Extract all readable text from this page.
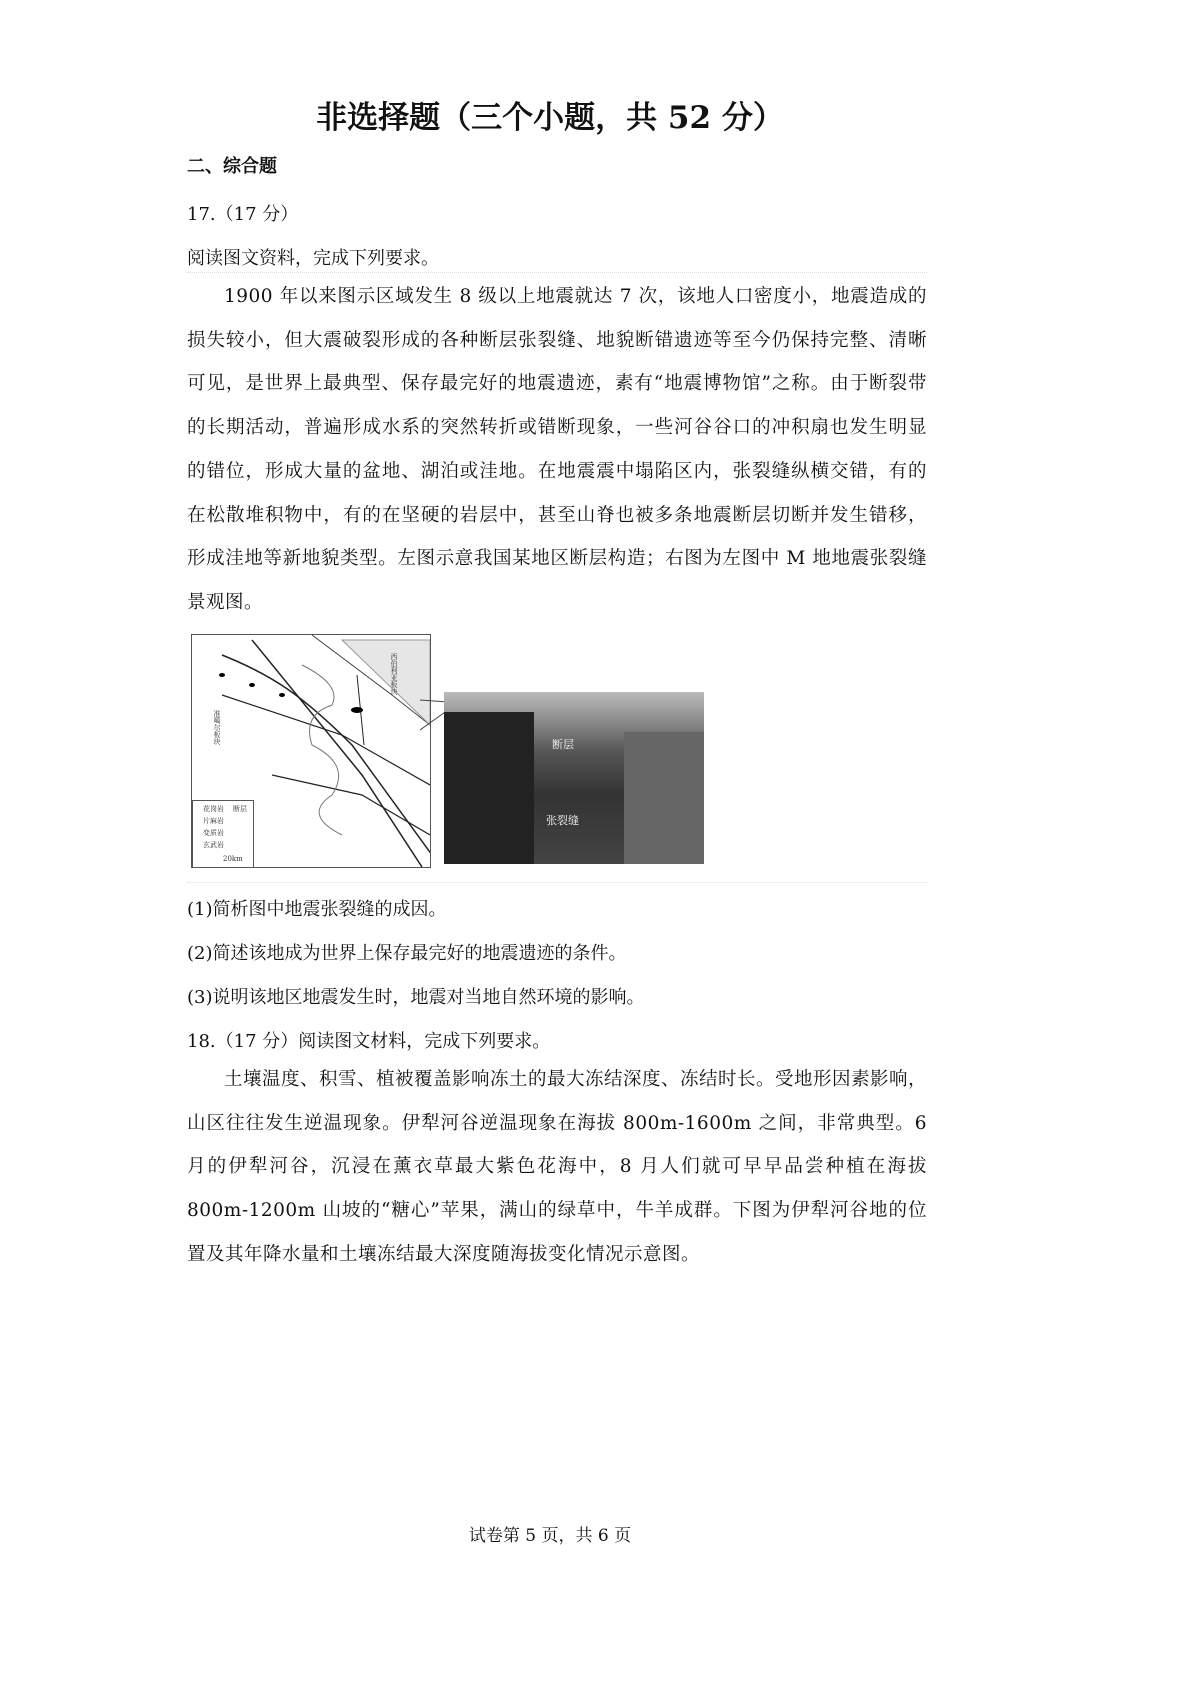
非选择题（三个小题，共 52 分）
二、综合题
17.（17 分）
阅读图文资料，完成下列要求。
1900 年以来图示区域发生 8 级以上地震就达 7 次，该地人口密度小，地震造成的损失较小，但大震破裂形成的各种断层张裂缝、地貌断错遗迹等至今仍保持完整、清晰可见，是世界上最典型、保存最完好的地震遗迹，素有“地震博物馆”之称。由于断裂带的长期活动，普遍形成水系的突然转折或错断现象，一些河谷谷口的冲积扇也发生明显的错位，形成大量的盆地、湖泊或洼地。在地震震中塌陷区内，张裂缝纵横交错，有的在松散堆积物中，有的在坚硬的岩层中，甚至山脊也被多条地震断层切断并发生错移，形成洼地等新地貌类型。左图示意我国某地区断层构造；右图为左图中 M 地地震张裂缝景观图。
西伯利亚板块
准噶尔板块
花岗岩 断层
片麻岩
变质岩
玄武岩
20km
断层
张裂缝
(1)简析图中地震张裂缝的成因。
(2)简述该地成为世界上保存最完好的地震遗迹的条件。
(3)说明该地区地震发生时，地震对当地自然环境的影响。
18.（17 分）阅读图文材料，完成下列要求。
土壤温度、积雪、植被覆盖影响冻土的最大冻结深度、冻结时长。受地形因素影响，山区往往发生逆温现象。伊犁河谷逆温现象在海拔 800m-1600m 之间，非常典型。6 月的伊犁河谷，沉浸在薰衣草最大紫色花海中，8 月人们就可早早品尝种植在海拔 800m-1200m 山坡的“糖心”苹果，满山的绿草中，牛羊成群。下图为伊犁河谷地的位置及其年降水量和土壤冻结最大深度随海拔变化情况示意图。
试卷第 5 页，共 6 页
